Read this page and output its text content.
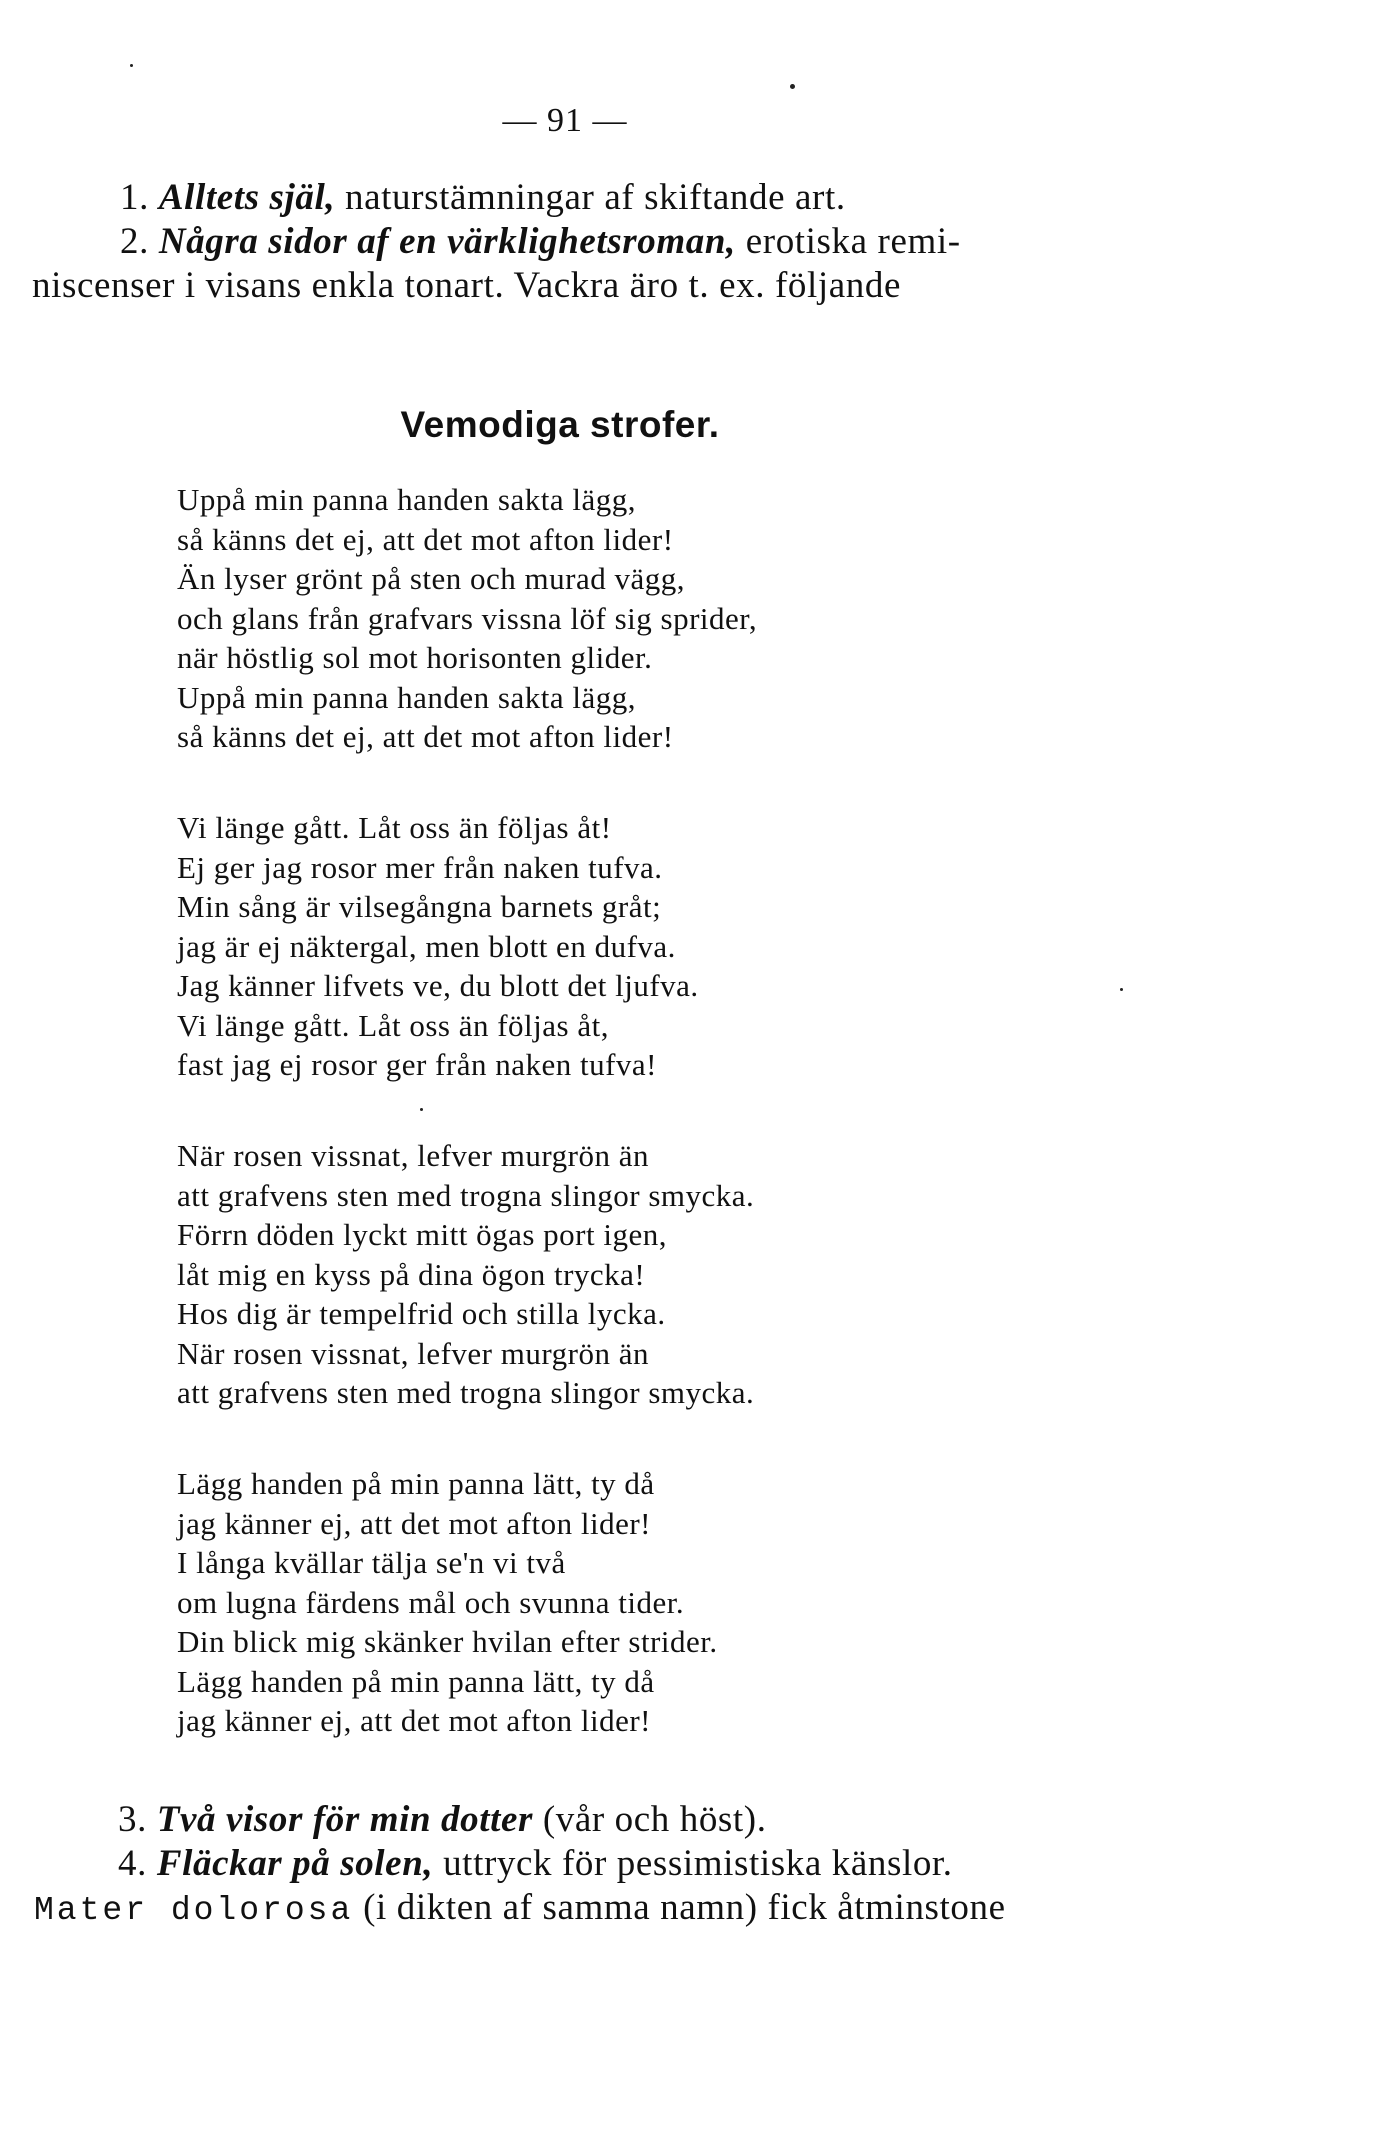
— 91 —
1. Alltets själ, naturstämningar af skiftande art.
2. Några sidor af en värklighetsroman, erotiska remi-
niscenser i visans enkla tonart. Vackra äro t. ex. följande
Vemodiga strofer.
Uppå min panna handen sakta lägg,
så känns det ej, att det mot afton lider!
Än lyser grönt på sten och murad vägg,
och glans från grafvars vissna löf sig sprider,
när höstlig sol mot horisonten glider.
Uppå min panna handen sakta lägg,
så känns det ej, att det mot afton lider!
Vi länge gått. Låt oss än följas åt!
Ej ger jag rosor mer från naken tufva.
Min sång är vilsegångna barnets gråt;
jag är ej näktergal, men blott en dufva.
Jag känner lifvets ve, du blott det ljufva.
Vi länge gått. Låt oss än följas åt,
fast jag ej rosor ger från naken tufva!
När rosen vissnat, lefver murgrön än
att grafvens sten med trogna slingor smycka.
Förrn döden lyckt mitt ögas port igen,
låt mig en kyss på dina ögon trycka!
Hos dig är tempelfrid och stilla lycka.
När rosen vissnat, lefver murgrön än
att grafvens sten med trogna slingor smycka.
Lägg handen på min panna lätt, ty då
jag känner ej, att det mot afton lider!
I långa kvällar tälja se'n vi två
om lugna färdens mål och svunna tider.
Din blick mig skänker hvilan efter strider.
Lägg handen på min panna lätt, ty då
jag känner ej, att det mot afton lider!
3. Två visor för min dotter (vår och höst).
4. Fläckar på solen, uttryck för pessimistiska känslor.
Mater dolorosa (i dikten af samma namn) fick åtminstone
